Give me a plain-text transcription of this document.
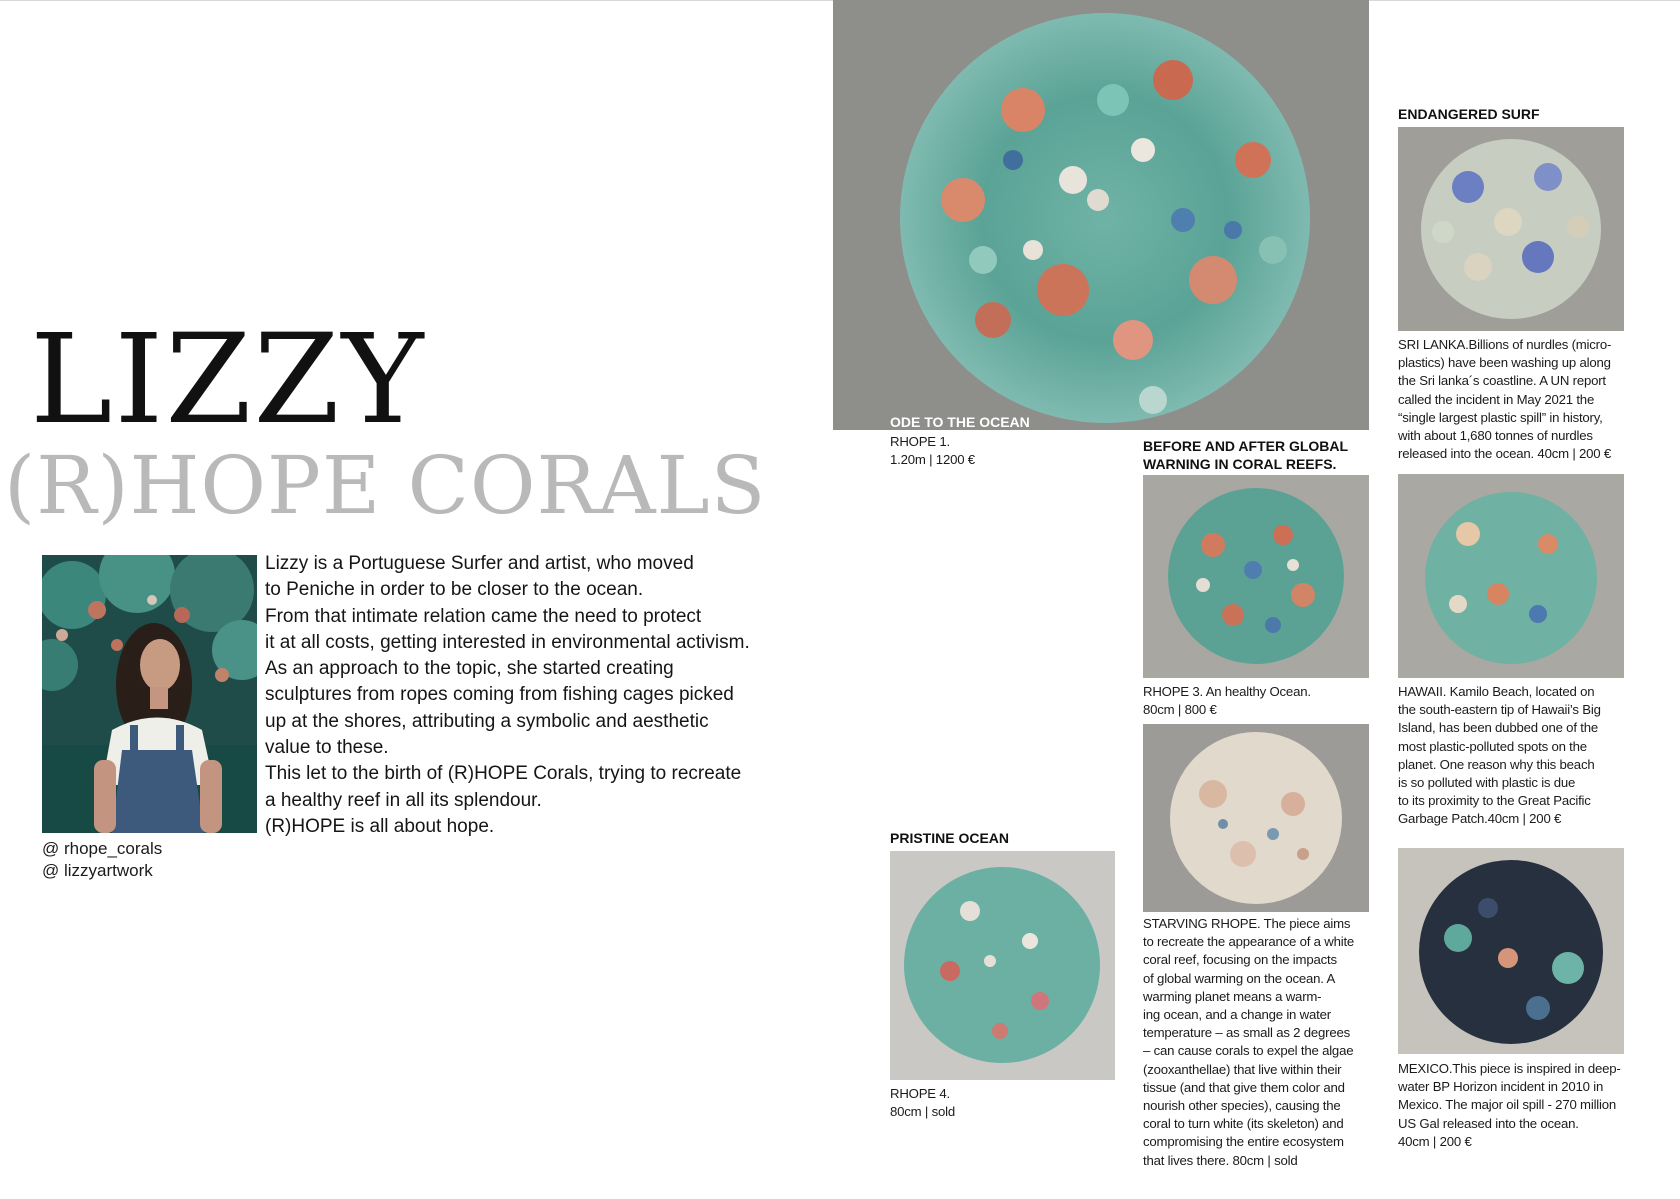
LIZZY
(R)HOPE CORALS
@ rhope_corals
@ lizzyartwork

Lizzy is a Portuguese Surfer and artist, who moved

to Peniche in order to be closer to the ocean.

From that intimate relation came the need to protect

it at all costs, getting interested in environmental activism.

As an approach to the topic, she started creating

sculptures from ropes coming from fishing cages picked

up at the shores, attributing a symbolic and aesthetic

value to these.

This let to the birth of (R)HOPE Corals, trying to recreate

a healthy reef in all its splendour.

(R)HOPE is all about hope.

ODE TO THE OCEAN
RHOPE 1.
1.20m | 1200 €
BEFORE AND AFTER GLOBAL
WARNING IN CORAL REEFS.
RHOPE 3. An healthy Ocean.
80cm | 800 €
STARVING RHOPE. The piece aims
to recreate the appearance of a white
coral reef, focusing on the impacts
of global warming on the ocean. A
warming planet means a warm-
ing ocean, and a change in water
temperature – as small as 2 degrees
– can cause corals to expel the algae
(zooxanthellae) that live within their
tissue (and that give them color and
nourish other species), causing the
coral to turn white (its skeleton) and
compromising the entire ecosystem
that lives there. 80cm | sold
PRISTINE OCEAN
RHOPE 4.
80cm | sold
ENDANGERED SURF
SRI LANKA.Billions of nurdles (micro-
plastics) have been washing up along
the Sri lanka´s coastline. A UN report
called the incident in May 2021 the
“single largest plastic spill” in history,
with about 1,680 tonnes of nurdles
released into the ocean. 40cm | 200 €
HAWAII. Kamilo Beach, located on
the south-eastern tip of Hawaii’s Big
Island, has been dubbed one of the
most plastic-polluted spots on the
planet. One reason why this beach
is so polluted with plastic is due
to its proximity to the Great Pacific
Garbage Patch.40cm | 200 €
MEXICO.This piece is inspired in deep-
water BP Horizon incident in 2010 in
Mexico. The major oil spill - 270 million
US Gal released into the ocean.
40cm | 200 €
